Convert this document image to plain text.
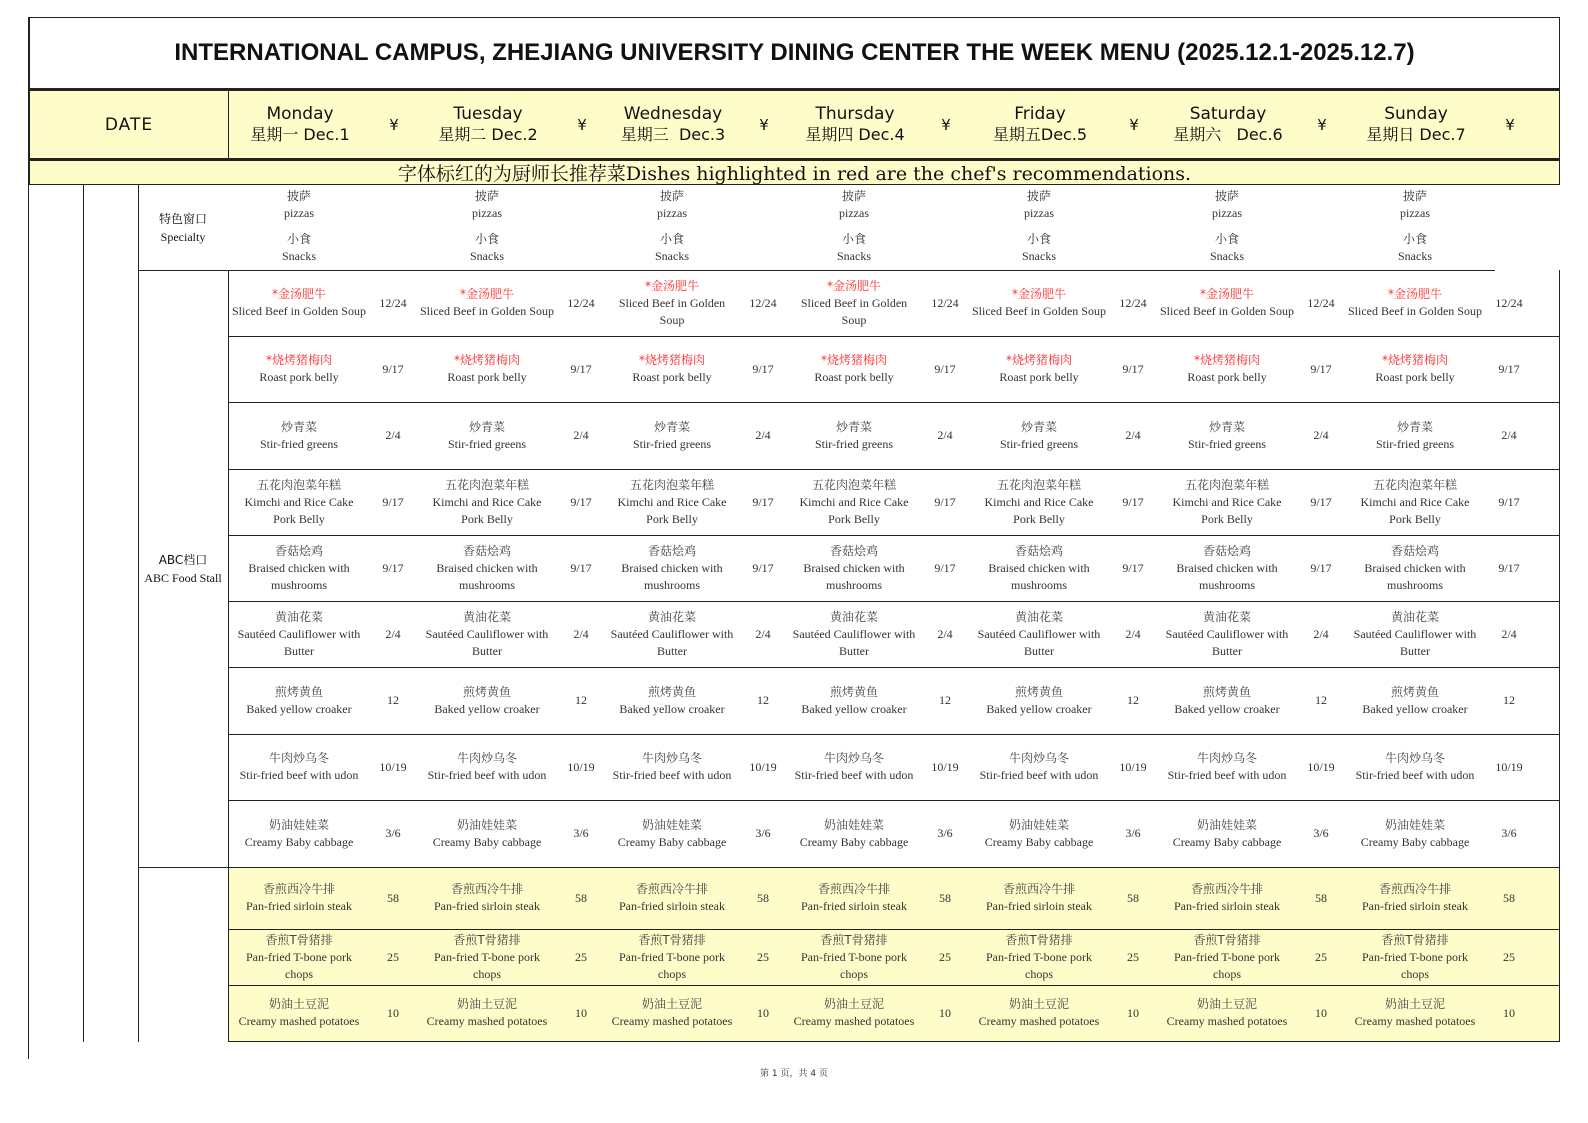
INTERNATIONAL CAMPUS, ZHEJIANG UNIVERSITY DINING CENTER THE WEEK MENU (2025.12.1-2025.12.7)
DATE
Monday
星期一 Dec.1
¥
Tuesday
星期二 Dec.2
¥
Wednesday
星期三  Dec.3
¥
Thursday
星期四 Dec.4
¥
Friday
星期五Dec.5
¥
Saturday
星期六   Dec.6
¥
Sunday
星期日 Dec.7
¥
字体标红的为厨师长推荐菜Dishes highlighted in red are the chef's recommendations.
特色窗口
Specialty
披萨
pizzas
小食
Snacks
披萨
pizzas
小食
Snacks
披萨
pizzas
小食
Snacks
披萨
pizzas
小食
Snacks
披萨
pizzas
小食
Snacks
披萨
pizzas
小食
Snacks
披萨
pizzas
小食
Snacks
*金汤肥牛
Sliced Beef in Golden Soup
12/24
*金汤肥牛
Sliced Beef in Golden Soup
12/24
*金汤肥牛
Sliced Beef in Golden Soup
12/24
*金汤肥牛
Sliced Beef in Golden Soup
12/24
*金汤肥牛
Sliced Beef in Golden Soup
12/24
*金汤肥牛
Sliced Beef in Golden Soup
12/24
*金汤肥牛
Sliced Beef in Golden Soup
12/24
*烧烤猪梅肉
Roast pork belly
9/17
*烧烤猪梅肉
Roast pork belly
9/17
*烧烤猪梅肉
Roast pork belly
9/17
*烧烤猪梅肉
Roast pork belly
9/17
*烧烤猪梅肉
Roast pork belly
9/17
*烧烤猪梅肉
Roast pork belly
9/17
*烧烤猪梅肉
Roast pork belly
9/17
炒青菜
Stir-fried greens
2/4
炒青菜
Stir-fried greens
2/4
炒青菜
Stir-fried greens
2/4
炒青菜
Stir-fried greens
2/4
炒青菜
Stir-fried greens
2/4
炒青菜
Stir-fried greens
2/4
炒青菜
Stir-fried greens
2/4
五花肉泡菜年糕
Kimchi and Rice Cake Pork Belly
9/17
五花肉泡菜年糕
Kimchi and Rice Cake Pork Belly
9/17
五花肉泡菜年糕
Kimchi and Rice Cake Pork Belly
9/17
五花肉泡菜年糕
Kimchi and Rice Cake Pork Belly
9/17
五花肉泡菜年糕
Kimchi and Rice Cake Pork Belly
9/17
五花肉泡菜年糕
Kimchi and Rice Cake Pork Belly
9/17
五花肉泡菜年糕
Kimchi and Rice Cake Pork Belly
9/17
香菇烩鸡
Braised chicken with mushrooms
9/17
香菇烩鸡
Braised chicken with mushrooms
9/17
香菇烩鸡
Braised chicken with mushrooms
9/17
香菇烩鸡
Braised chicken with mushrooms
9/17
香菇烩鸡
Braised chicken with mushrooms
9/17
香菇烩鸡
Braised chicken with mushrooms
9/17
香菇烩鸡
Braised chicken with mushrooms
9/17
黄油花菜
Sautéed Cauliflower with Butter
2/4
黄油花菜
Sautéed Cauliflower with Butter
2/4
黄油花菜
Sautéed Cauliflower with Butter
2/4
黄油花菜
Sautéed Cauliflower with Butter
2/4
黄油花菜
Sautéed Cauliflower with Butter
2/4
黄油花菜
Sautéed Cauliflower with Butter
2/4
黄油花菜
Sautéed Cauliflower with Butter
2/4
煎烤黄鱼
Baked yellow croaker
12
煎烤黄鱼
Baked yellow croaker
12
煎烤黄鱼
Baked yellow croaker
12
煎烤黄鱼
Baked yellow croaker
12
煎烤黄鱼
Baked yellow croaker
12
煎烤黄鱼
Baked yellow croaker
12
煎烤黄鱼
Baked yellow croaker
12
牛肉炒乌冬
Stir-fried beef with udon
10/19
牛肉炒乌冬
Stir-fried beef with udon
10/19
牛肉炒乌冬
Stir-fried beef with udon
10/19
牛肉炒乌冬
Stir-fried beef with udon
10/19
牛肉炒乌冬
Stir-fried beef with udon
10/19
牛肉炒乌冬
Stir-fried beef with udon
10/19
牛肉炒乌冬
Stir-fried beef with udon
10/19
奶油娃娃菜
Creamy Baby cabbage
3/6
奶油娃娃菜
Creamy Baby cabbage
3/6
奶油娃娃菜
Creamy Baby cabbage
3/6
奶油娃娃菜
Creamy Baby cabbage
3/6
奶油娃娃菜
Creamy Baby cabbage
3/6
奶油娃娃菜
Creamy Baby cabbage
3/6
奶油娃娃菜
Creamy Baby cabbage
3/6
ABC档口
ABC Food Stall
香煎西冷牛排
Pan-fried sirloin steak
58
香煎西冷牛排
Pan-fried sirloin steak
58
香煎西冷牛排
Pan-fried sirloin steak
58
香煎西冷牛排
Pan-fried sirloin steak
58
香煎西冷牛排
Pan-fried sirloin steak
58
香煎西冷牛排
Pan-fried sirloin steak
58
香煎西冷牛排
Pan-fried sirloin steak
58
香煎T骨猪排
Pan-fried T-bone pork chops
25
香煎T骨猪排
Pan-fried T-bone pork chops
25
香煎T骨猪排
Pan-fried T-bone pork chops
25
香煎T骨猪排
Pan-fried T-bone pork chops
25
香煎T骨猪排
Pan-fried T-bone pork chops
25
香煎T骨猪排
Pan-fried T-bone pork chops
25
香煎T骨猪排
Pan-fried T-bone pork chops
25
奶油土豆泥
Creamy mashed potatoes
10
奶油土豆泥
Creamy mashed potatoes
10
奶油土豆泥
Creamy mashed potatoes
10
奶油土豆泥
Creamy mashed potatoes
10
奶油土豆泥
Creamy mashed potatoes
10
奶油土豆泥
Creamy mashed potatoes
10
奶油土豆泥
Creamy mashed potatoes
10
第 1 页，共 4 页
